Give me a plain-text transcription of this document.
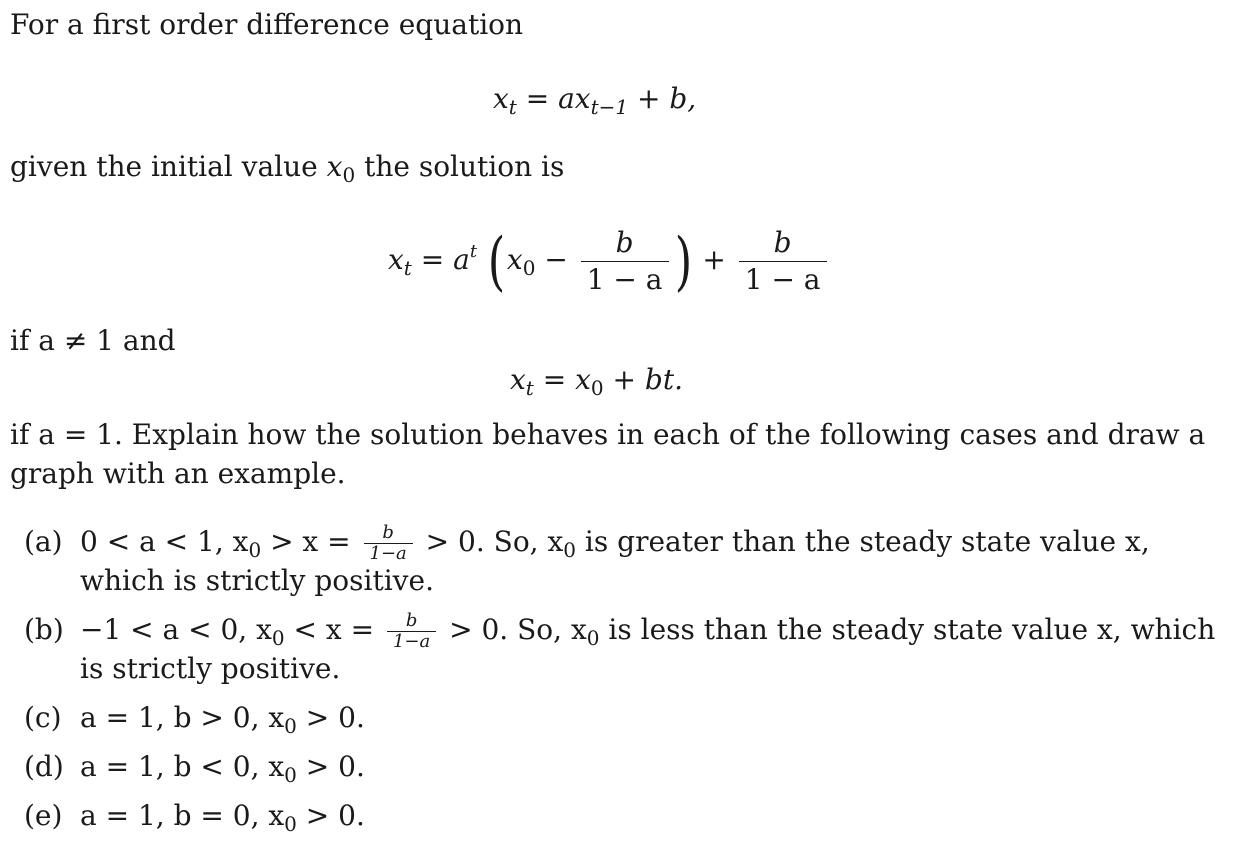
For a first order difference equation
$x_t = ax_{t-1} + b$,
given the initial value $x_0$ the solution is
$x_t = a^t$ ($x_0 - \frac{b}{1 - a}$ ) + $\frac{b}{1 - a}$
if a ≠ 1 and
$x_t = x_0$ + bt.
if a = 1. Explain how the solution behaves in each of the following cases and draw a
graph with an example.
(a) 0 < a < 1, $x_0 > x = \frac{b}{1-a} > 0$. So, $x_0$ is greater than the steady state value x,
which is strictly positive.
(b) −1 < a < 0, $x_0 < x = \frac{b}{1-a} > 0$. So, $x_0$ is less than the steady state value x, which
is strictly positive.
(c) a = 1, b > 0, $x_0 > 0$.
(d) a = 1, b < 0, $x_0 > 0$.
(e) a = 1, b = 0, $x_0 > 0$.
